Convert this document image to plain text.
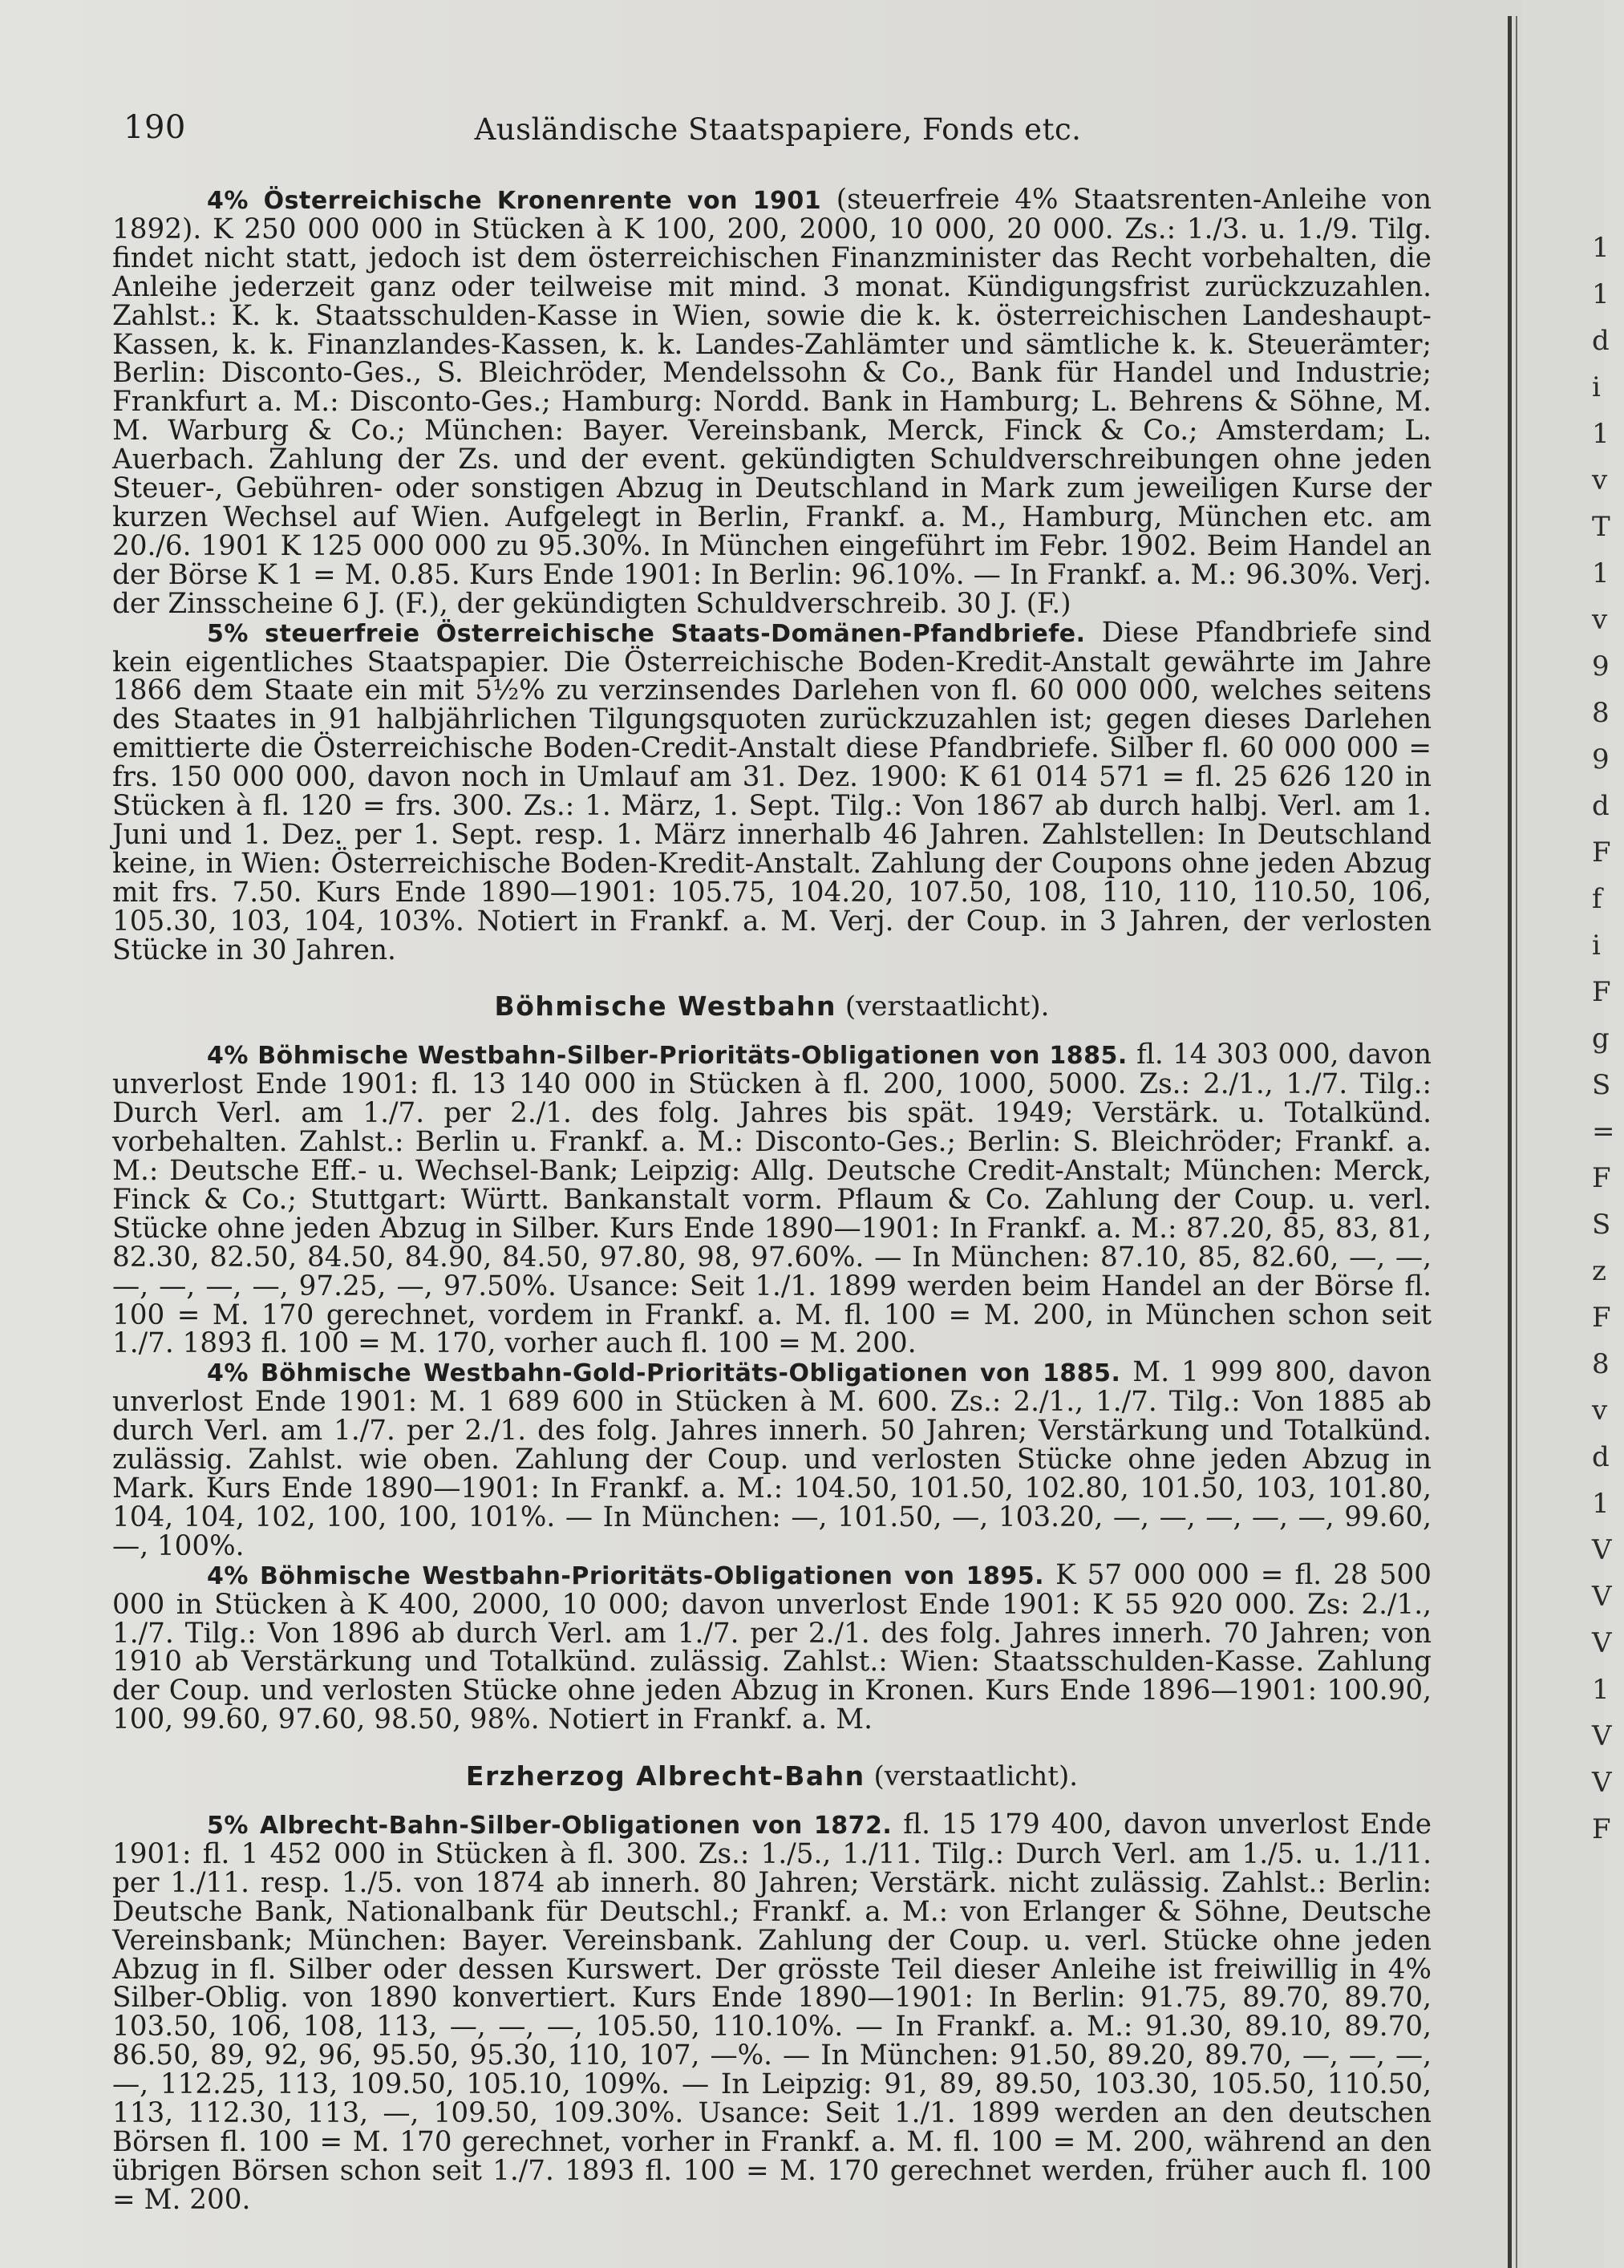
190	Ausländische Staatspapiere, Fonds etc.

4% Österreichische Kronenrente von 1901 (steuerfreie 4% Staatsrenten-Anleihe von 1892). K 250 000 000 in Stücken à K 100, 200, 2000, 10 000, 20 000. Zs.: 1./3. u. 1./9. Tilg. findet nicht statt, jedoch ist dem österreichischen Finanzminister das Recht vorbehalten, die Anleihe jederzeit ganz oder teilweise mit mind. 3 monat. Kündigungsfrist zurückzuzahlen. Zahlst.: K. k. Staatsschulden-Kasse in Wien, sowie die k. k. österreichischen Landeshaupt-Kassen, k. k. Finanzlandes-Kassen, k. k. Landes-Zahlämter und sämtliche k. k. Steuerämter; Berlin: Disconto-Ges., S. Bleichröder, Mendelssohn & Co., Bank für Handel und Industrie; Frankfurt a. M.: Disconto-Ges.; Hamburg: Nordd. Bank in Hamburg; L. Behrens & Söhne, M. M. Warburg & Co.; München: Bayer. Vereinsbank, Merck, Finck & Co.; Amsterdam; L. Auerbach. Zahlung der Zs. und der event. gekündigten Schuldverschreibungen ohne jeden Steuer-, Gebühren- oder sonstigen Abzug in Deutschland in Mark zum jeweiligen Kurse der kurzen Wechsel auf Wien. Aufgelegt in Berlin, Frankf. a. M., Hamburg, München etc. am 20./6. 1901 K 125 000 000 zu 95.30%. In München eingeführt im Febr. 1902. Beim Handel an der Börse K 1 = M. 0.85. Kurs Ende 1901: In Berlin: 96.10%. — In Frankf. a. M.: 96.30%. Verj. der Zinsscheine 6 J. (F.), der gekündigten Schuldverschreib. 30 J. (F.)

5% steuerfreie Österreichische Staats-Domänen-Pfandbriefe. Diese Pfandbriefe sind kein eigentliches Staatspapier. Die Österreichische Boden-Kredit-Anstalt gewährte im Jahre 1866 dem Staate ein mit 5½% zu verzinsendes Darlehen von fl. 60 000 000, welches seitens des Staates in 91 halbjährlichen Tilgungsquoten zurückzuzahlen ist; gegen dieses Darlehen emittierte die Österreichische Boden-Credit-Anstalt diese Pfandbriefe. Silber fl. 60 000 000 = frs. 150 000 000, davon noch in Umlauf am 31. Dez. 1900: K 61 014 571 = fl. 25 626 120 in Stücken à fl. 120 = frs. 300. Zs.: 1. März, 1. Sept. Tilg.: Von 1867 ab durch halbj. Verl. am 1. Juni und 1. Dez. per 1. Sept. resp. 1. März innerhalb 46 Jahren. Zahlstellen: In Deutschland keine, in Wien: Österreichische Boden-Kredit-Anstalt. Zahlung der Coupons ohne jeden Abzug mit frs. 7.50. Kurs Ende 1890—1901: 105.75, 104.20, 107.50, 108, 110, 110, 110.50, 106, 105.30, 103, 104, 103%. Notiert in Frankf. a. M. Verj. der Coup. in 3 Jahren, der verlosten Stücke in 30 Jahren.

Böhmische Westbahn (verstaatlicht).

4% Böhmische Westbahn-Silber-Prioritäts-Obligationen von 1885. fl. 14 303 000, davon unverlost Ende 1901: fl. 13 140 000 in Stücken à fl. 200, 1000, 5000. Zs.: 2./1., 1./7. Tilg.: Durch Verl. am 1./7. per 2./1. des folg. Jahres bis spät. 1949; Verstärk. u. Totalkünd. vorbehalten. Zahlst.: Berlin u. Frankf. a. M.: Disconto-Ges.; Berlin: S. Bleichröder; Frankf. a. M.: Deutsche Eff.- u. Wechsel-Bank; Leipzig: Allg. Deutsche Credit-Anstalt; München: Merck, Finck & Co.; Stuttgart: Württ. Bankanstalt vorm. Pflaum & Co. Zahlung der Coup. u. verl. Stücke ohne jeden Abzug in Silber. Kurs Ende 1890—1901: In Frankf. a. M.: 87.20, 85, 83, 81, 82.30, 82.50, 84.50, 84.90, 84.50, 97.80, 98, 97.60%. — In München: 87.10, 85, 82.60, —, —, —, —, —, —, 97.25, —, 97.50%. Usance: Seit 1./1. 1899 werden beim Handel an der Börse fl. 100 = M. 170 gerechnet, vordem in Frankf. a. M. fl. 100 = M. 200, in München schon seit 1./7. 1893 fl. 100 = M. 170, vorher auch fl. 100 = M. 200.

4% Böhmische Westbahn-Gold-Prioritäts-Obligationen von 1885. M. 1 999 800, davon unverlost Ende 1901: M. 1 689 600 in Stücken à M. 600. Zs.: 2./1., 1./7. Tilg.: Von 1885 ab durch Verl. am 1./7. per 2./1. des folg. Jahres innerh. 50 Jahren; Verstärkung und Totalkünd. zulässig. Zahlst. wie oben. Zahlung der Coup. und verlosten Stücke ohne jeden Abzug in Mark. Kurs Ende 1890—1901: In Frankf. a. M.: 104.50, 101.50, 102.80, 101.50, 103, 101.80, 104, 104, 102, 100, 100, 101%. — In München: —, 101.50, —, 103.20, —, —, —, —, —, 99.60, —, 100%.

4% Böhmische Westbahn-Prioritäts-Obligationen von 1895. K 57 000 000 = fl. 28 500 000 in Stücken à K 400, 2000, 10 000; davon unverlost Ende 1901: K 55 920 000. Zs: 2./1., 1./7. Tilg.: Von 1896 ab durch Verl. am 1./7. per 2./1. des folg. Jahres innerh. 70 Jahren; von 1910 ab Verstärkung und Totalkünd. zulässig. Zahlst.: Wien: Staatsschulden-Kasse. Zahlung der Coup. und verlosten Stücke ohne jeden Abzug in Kronen. Kurs Ende 1896—1901: 100.90, 100, 99.60, 97.60, 98.50, 98%. Notiert in Frankf. a. M.

Erzherzog Albrecht-Bahn (verstaatlicht).

5% Albrecht-Bahn-Silber-Obligationen von 1872. fl. 15 179 400, davon unverlost Ende 1901: fl. 1 452 000 in Stücken à fl. 300. Zs.: 1./5., 1./11. Tilg.: Durch Verl. am 1./5. u. 1./11. per 1./11. resp. 1./5. von 1874 ab innerh. 80 Jahren; Verstärk. nicht zulässig. Zahlst.: Berlin: Deutsche Bank, Nationalbank für Deutschl.; Frankf. a. M.: von Erlanger & Söhne, Deutsche Vereinsbank; München: Bayer. Vereinsbank. Zahlung der Coup. u. verl. Stücke ohne jeden Abzug in fl. Silber oder dessen Kurswert. Der grösste Teil dieser Anleihe ist freiwillig in 4% Silber-Oblig. von 1890 konvertiert. Kurs Ende 1890—1901: In Berlin: 91.75, 89.70, 89.70, 103.50, 106, 108, 113, —, —, —, 105.50, 110.10%. — In Frankf. a. M.: 91.30, 89.10, 89.70, 86.50, 89, 92, 96, 95.50, 95.30, 110, 107, —%. — In München: 91.50, 89.20, 89.70, —, —, —, —, 112.25, 113, 109.50, 105.10, 109%. — In Leipzig: 91, 89, 89.50, 103.30, 105.50, 110.50, 113, 112.30, 113, —, 109.50, 109.30%. Usance: Seit 1./1. 1899 werden an den deutschen Börsen fl. 100 = M. 170 gerechnet, vorher in Frankf. a. M. fl. 100 = M. 200, während an den übrigen Börsen schon seit 1./7. 1893 fl. 100 = M. 170 gerechnet werden, früher auch fl. 100 = M. 200.

1
1
d
i
1
v
T
1
v
9
8
9
d
F
f
i
F
g
S
=
F
S
z
F
8
v
d
1
V
V
V
1
V
V
F
